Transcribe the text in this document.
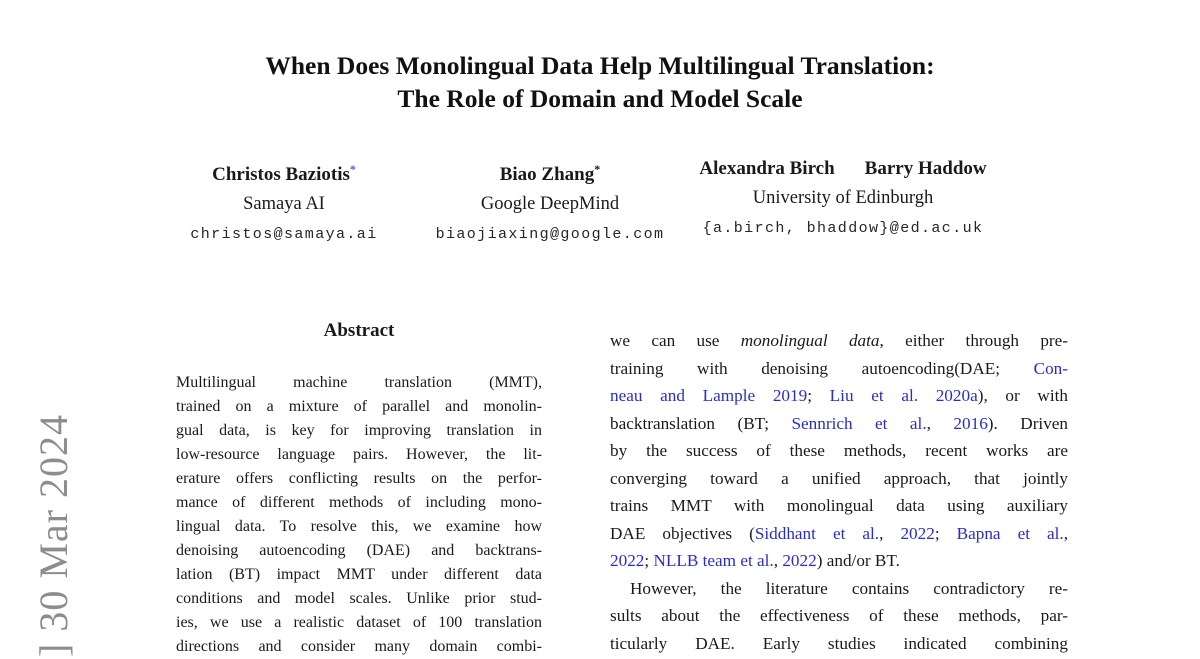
] 30 Mar 2024
When Does Monolingual Data Help Multilingual Translation:
The Role of Domain and Model Scale
Christos Baziotis*
Samaya AI
christos@samaya.ai
Biao Zhang*
Google DeepMind
biaojiaxing@google.com
Alexandra Birch Barry Haddow
University of Edinburgh
{a.birch, bhaddow}@ed.ac.uk
Abstract
Multilingual machine translation (MMT),
trained on a mixture of parallel and monolin-
gual data, is key for improving translation in
low-resource language pairs. However, the lit-
erature offers conflicting results on the perfor-
mance of different methods of including mono-
lingual data. To resolve this, we examine how
denoising autoencoding (DAE) and backtrans-
lation (BT) impact MMT under different data
conditions and model scales. Unlike prior stud-
ies, we use a realistic dataset of 100 translation
directions and consider many domain combi-
we can use monolingual data, either through pre-
training with denoising autoencoding(DAE; Con-
neau and Lample 2019; Liu et al. 2020a), or with
backtranslation (BT; Sennrich et al., 2016). Driven
by the success of these methods, recent works are
converging toward a unified approach, that jointly
trains MMT with monolingual data using auxiliary
DAE objectives (Siddhant et al., 2022; Bapna et al.,
2022; NLLB team et al., 2022) and/or BT.
However, the literature contains contradictory re-
sults about the effectiveness of these methods, par-
ticularly DAE. Early studies indicated combining
